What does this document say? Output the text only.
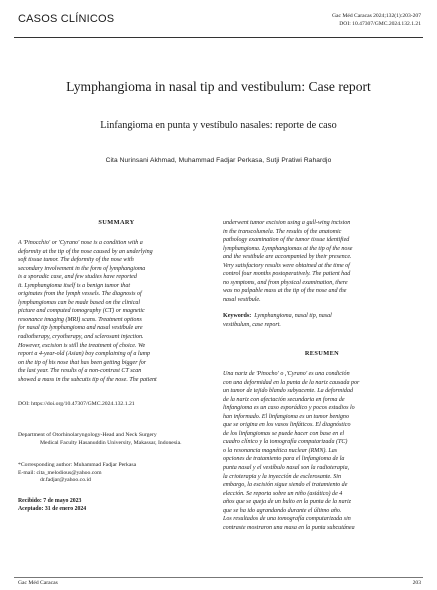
CASOS CLÍNICOS	Gac Méd Caracas 2024;132(1):203-207
DOI: 10.47307/GMC.2024.132.1.21
Lymphangioma in nasal tip and vestibulum: Case report
Linfangioma en punta y vestíbulo nasales: reporte de caso
Cita Nurinsani Akhmad, Muhammad Fadjar Perkasa, Sutji Pratiwi Rahardjo
SUMMARY
A 'Pinocchio' or 'Cyrano' nose is a condition with a
deformity at the tip of the nose caused by an underlying
soft tissue tumor. The deformity of the nose with
secondary involvement in the form of lymphangioma
is a sporadic case, and few studies have reported
it. Lymphangioma itself is a benign tumor that
originates from the lymph vessels. The diagnosis of
lymphangiomas can be made based on the clinical
picture and computed tomography (CT) or magnetic
resonance imaging (MRI) scans. Treatment options
for nasal tip lymphangioma and nasal vestibule are
radiotherapy, cryotherapy, and sclerosant injection.
However, excision is still the treatment of choice. We
report a 4-year-old (Asian) boy complaining of a lump
on the tip of his nose that has been getting bigger for
the last year. The results of a non-contrast CT scan
showed a mass in the subcutis tip of the nose. The patient
DOI: https://doi.org/10.47307/GMC.2024.132.1.21
Department of Otorhinolaryngology-Head and Neck Surgery
Medical Faculty Hasanuddin University, Makassar, Indonesia.
*Corresponding author: Muhammad Fadjar Perkasa
E-mail: cita_melodious@yahoo.com
dr.fadjar@yahoo.co.id
Recibido: 7 de mayo 2023
Aceptado: 31 de enero 2024
underwent tumor excision using a gull-wing incision
in the transcolumela. The results of the anatomic
pathology examination of the tumor tissue identified
lymphangioma. Lymphangiomas at the tip of the nose
and the vestibule are accompanied by their presence.
Very satisfactory results were obtained at the time of
control four months postoperatively. The patient had
no symptoms, and from physical examination, there
was no palpable mass at the tip of the nose and the
nasal vestibule.
Keywords: Lymphangioma, nasal tip, nasal
vestibulum, case report.
RESUMEN
Una nariz de 'Pinocho' o ,'Cyrano' es una condición
con una deformidad en la punta de la nariz causada por
un tumor de tejido blando subyacente. La deformidad
de la nariz con afectación secundaria en forma de
linfangioma es un caso esporádico y pocos estudios lo
han informado. El linfangioma es un tumor benigno
que se origina en los vasos linfáticos. El diagnóstico
de los linfangiomas se puede hacer con base en el
cuadro clínico y la tomografía computarizada (TC)
o la resonancia magnética nuclear (RMN). Las
opciones de tratamiento para el linfangioma de la
punta nasal y el vestíbulo nasal son la radioterapia,
la crioterapia y la inyección de esclerosante. Sin
embargo, la escisión sigue siendo el tratamiento de
elección. Se reporta sobre un niño (asiático) de 4
años que se queja de un bulto en la punta de la nariz
que se ha ido agrandando durante el último año.
Los resultados de una tomografía computarizada sin
contraste mostraron una masa en la punta subcutánea
Gac Méd Caracas	203
